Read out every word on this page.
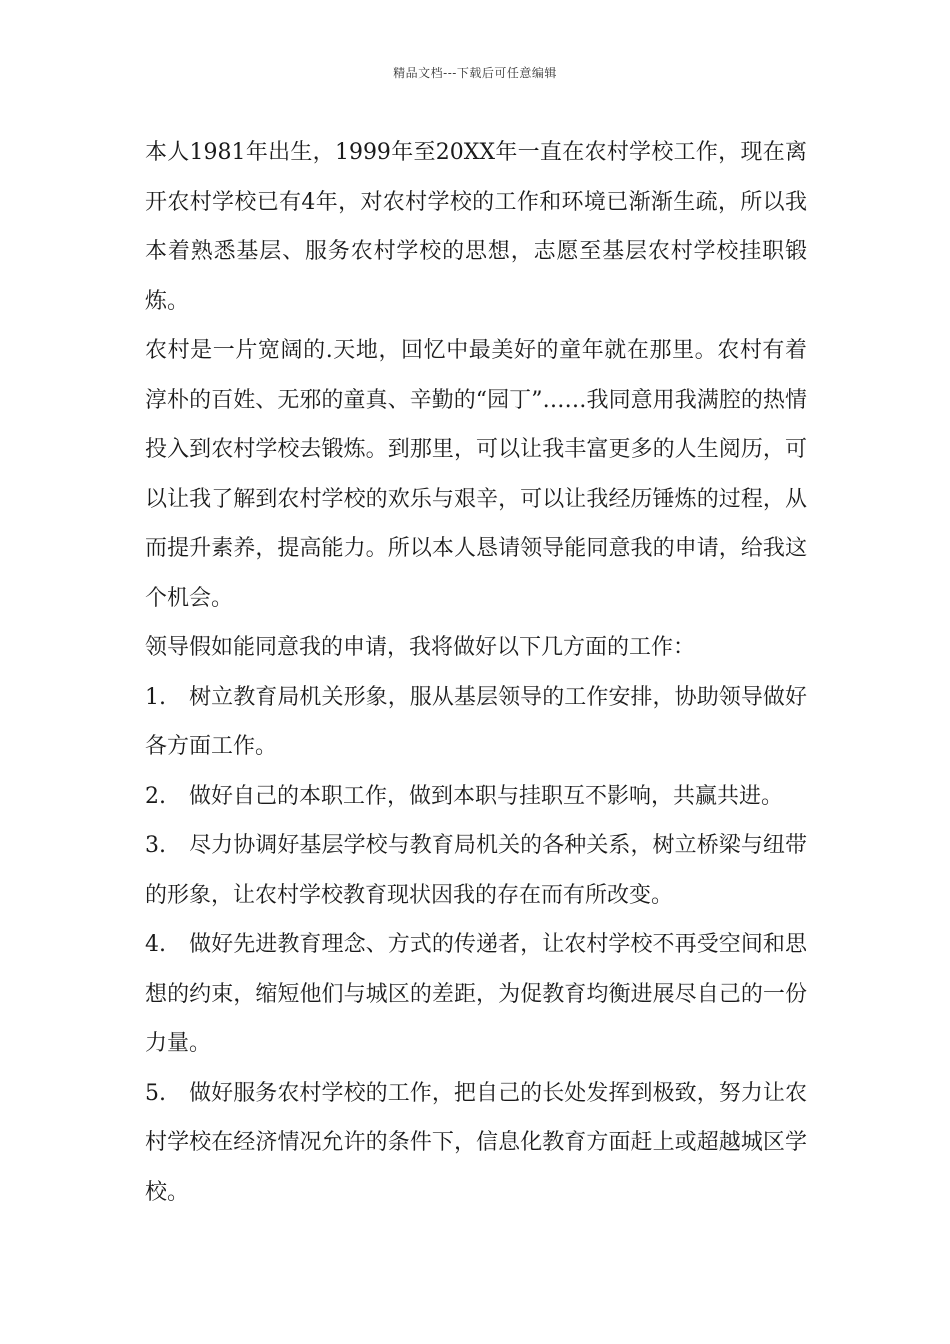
精品文档---下载后可任意编辑

本人1981年出生，1999年至20XX年一直在农村学校工作，现在离开农村学校已有4年，对农村学校的工作和环境已渐渐生疏，所以我本着熟悉基层、服务农村学校的思想，志愿至基层农村学校挂职锻炼。

农村是一片宽阔的.天地，回忆中最美好的童年就在那里。农村有着淳朴的百姓、无邪的童真、辛勤的“园丁”……我同意用我满腔的热情投入到农村学校去锻炼。到那里，可以让我丰富更多的人生阅历，可以让我了解到农村学校的欢乐与艰辛，可以让我经历锤炼的过程，从而提升素养，提高能力。所以本人恳请领导能同意我的申请，给我这个机会。

领导假如能同意我的申请，我将做好以下几方面的工作：

1. 树立教育局机关形象，服从基层领导的工作安排，协助领导做好各方面工作。

2. 做好自己的本职工作，做到本职与挂职互不影响，共赢共进。

3. 尽力协调好基层学校与教育局机关的各种关系，树立桥梁与纽带的形象，让农村学校教育现状因我的存在而有所改变。

4. 做好先进教育理念、方式的传递者，让农村学校不再受空间和思想的约束，缩短他们与城区的差距，为促教育均衡进展尽自己的一份力量。

5. 做好服务农村学校的工作，把自己的长处发挥到极致，努力让农村学校在经济情况允许的条件下，信息化教育方面赶上或超越城区学校。
